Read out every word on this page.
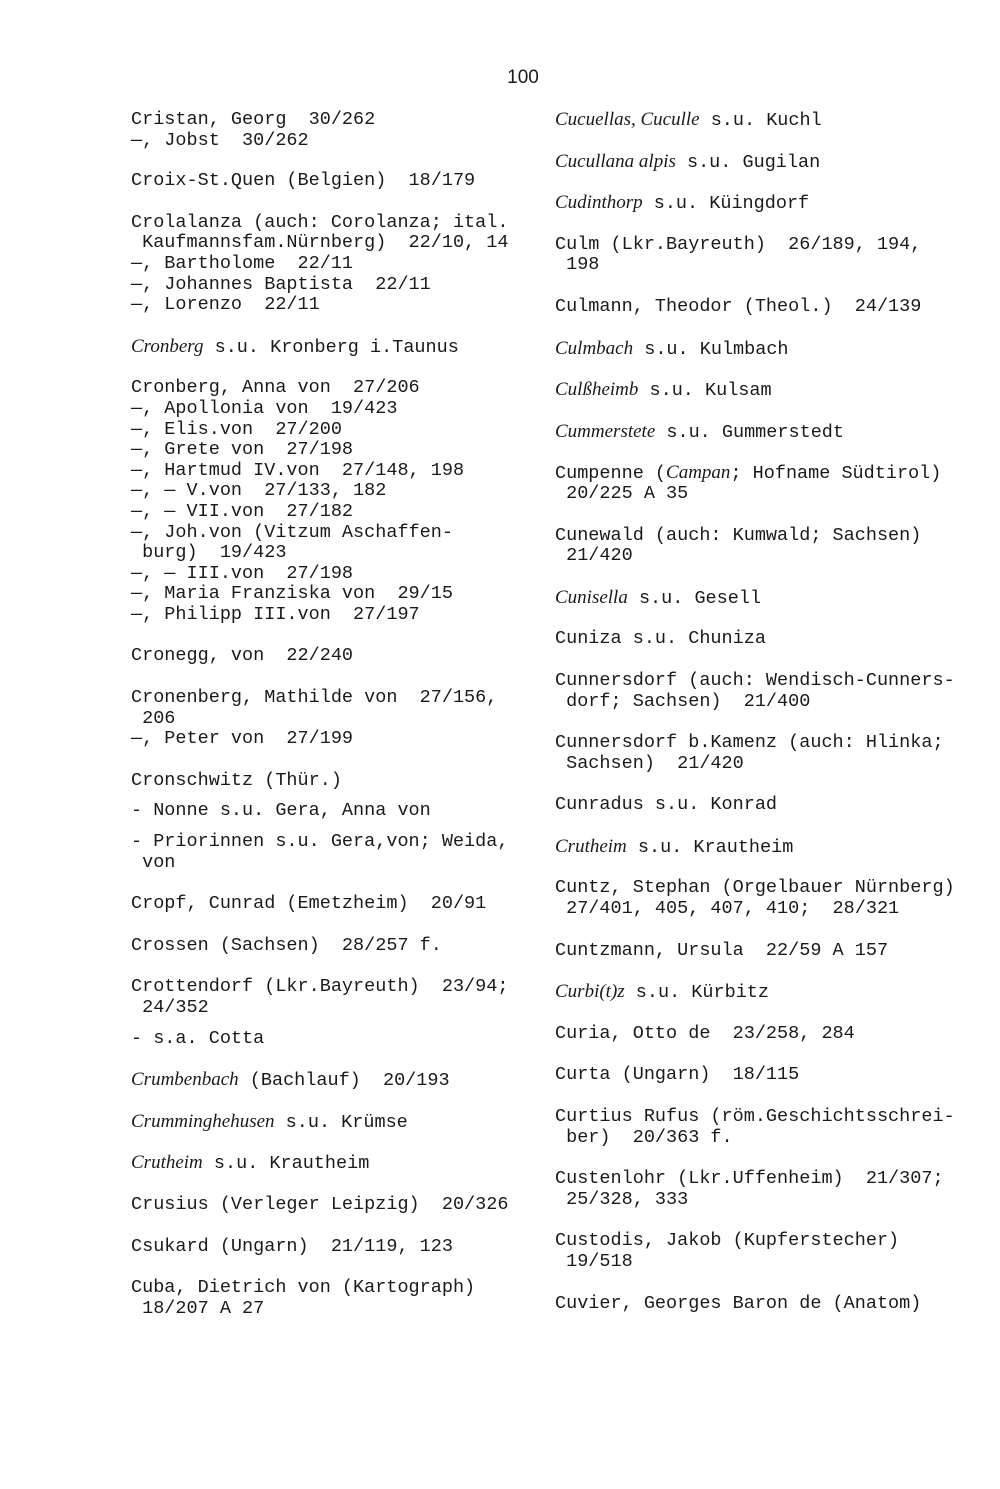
100
Cristan, Georg  30/262
—, Jobst  30/262
Croix-St.Quen (Belgien)  18/179
Crolalanza (auch: Corolanza; ital.
Kaufmannsfam.Nürnberg)  22/10, 14
—, Bartholome  22/11
—, Johannes Baptista  22/11
—, Lorenzo  22/11
Cronberg s.u. Kronberg i.Taunus
Cronberg, Anna von  27/206
—, Apollonia von  19/423
—, Elis.von  27/200
—, Grete von  27/198
—, Hartmud IV.von  27/148, 198
—, — V.von  27/133, 182
—, — VII.von  27/182
—, Joh.von (Vitzum Aschaffen-
burg)  19/423
—, — III.von  27/198
—, Maria Franziska von  29/15
—, Philipp III.von  27/197
Cronegg, von  22/240
Cronenberg, Mathilde von  27/156,
206
—, Peter von  27/199
Cronschwitz (Thür.)
- Nonne s.u. Gera, Anna von
- Priorinnen s.u. Gera,von; Weida,
von
Cropf, Cunrad (Emetzheim)  20/91
Crossen (Sachsen)  28/257 f.
Crottendorf (Lkr.Bayreuth)  23/94;
24/352
- s.a. Cotta
Crumbenbach (Bachlauf)  20/193
Crumminghehusen s.u. Krümse
Crutheim s.u. Krautheim
Crusius (Verleger Leipzig)  20/326
Csukard (Ungarn)  21/119, 123
Cuba, Dietrich von (Kartograph)
18/207 A 27
Cucuellas, Cuculle s.u. Kuchl
Cucullana alpis s.u. Gugilan
Cudinthorp s.u. Küingdorf
Culm (Lkr.Bayreuth)  26/189, 194,
198
Culmann, Theodor (Theol.)  24/139
Culmbach s.u. Kulmbach
Culßheimb s.u. Kulsam
Cummerstete s.u. Gummerstedt
Cumpenne (Campan; Hofname Südtirol)
20/225 A 35
Cunewald (auch: Kumwald; Sachsen)
21/420
Cunisella s.u. Gesell
Cuniza s.u. Chuniza
Cunnersdorf (auch: Wendisch-Cunners-
dorf; Sachsen)  21/400
Cunnersdorf b.Kamenz (auch: Hlinka;
Sachsen)  21/420
Cunradus s.u. Konrad
Crutheim s.u. Krautheim
Cuntz, Stephan (Orgelbauer Nürnberg)
27/401, 405, 407, 410;  28/321
Cuntzmann, Ursula  22/59 A 157
Curbi(t)z s.u. Kürbitz
Curia, Otto de  23/258, 284
Curta (Ungarn)  18/115
Curtius Rufus (röm.Geschichtsschrei-
ber)  20/363 f.
Custenlohr (Lkr.Uffenheim)  21/307;
25/328, 333
Custodis, Jakob (Kupferstecher)
19/518
Cuvier, Georges Baron de (Anatom)
